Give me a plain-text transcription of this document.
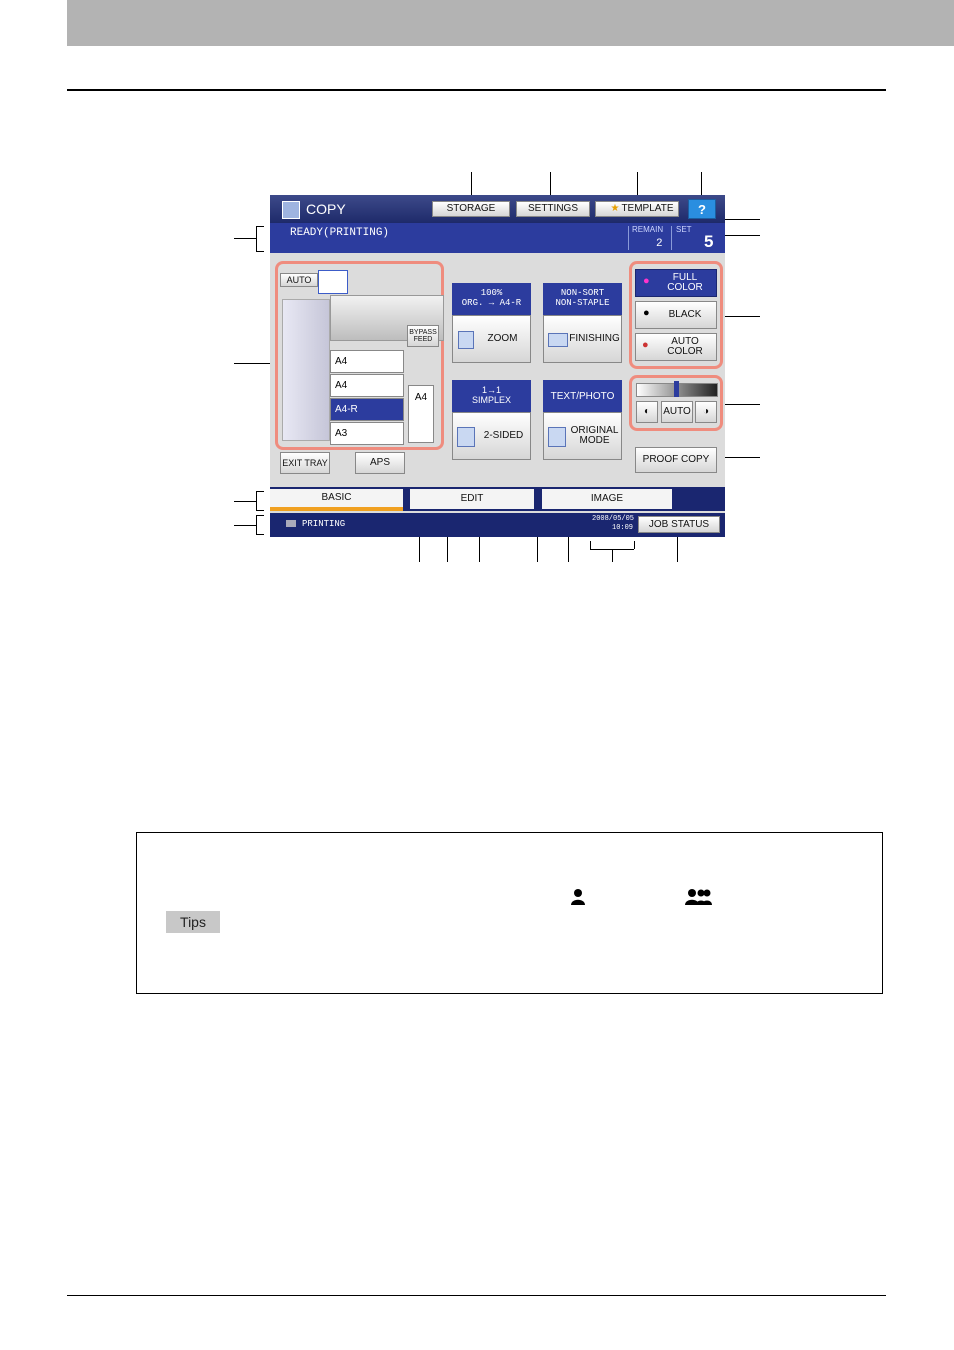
COPY	STORAGE	SETTINGS	★ TEMPLATE	?
READY(PRINTING)	REMAIN
2
SET
5
AUTO
BYPASS FEED
A4
A4
A4-R
A3
A4
EXIT TRAY	APS
100%
ORG. → A4-R
ZOOM
NON-SORT
NON-STAPLE
FINISHING
1→1
SIMPLEX
2-SIDED
TEXT/PHOTO
ORIGINAL MODE
FULL COLOR
BLACK
AUTO COLOR
●
●
●
◐ AUTO ◑
PROOF COPY
BASIC	EDIT	IMAGE
PRINTING	2008/05/05
10:09	JOB STATUS
Tips
